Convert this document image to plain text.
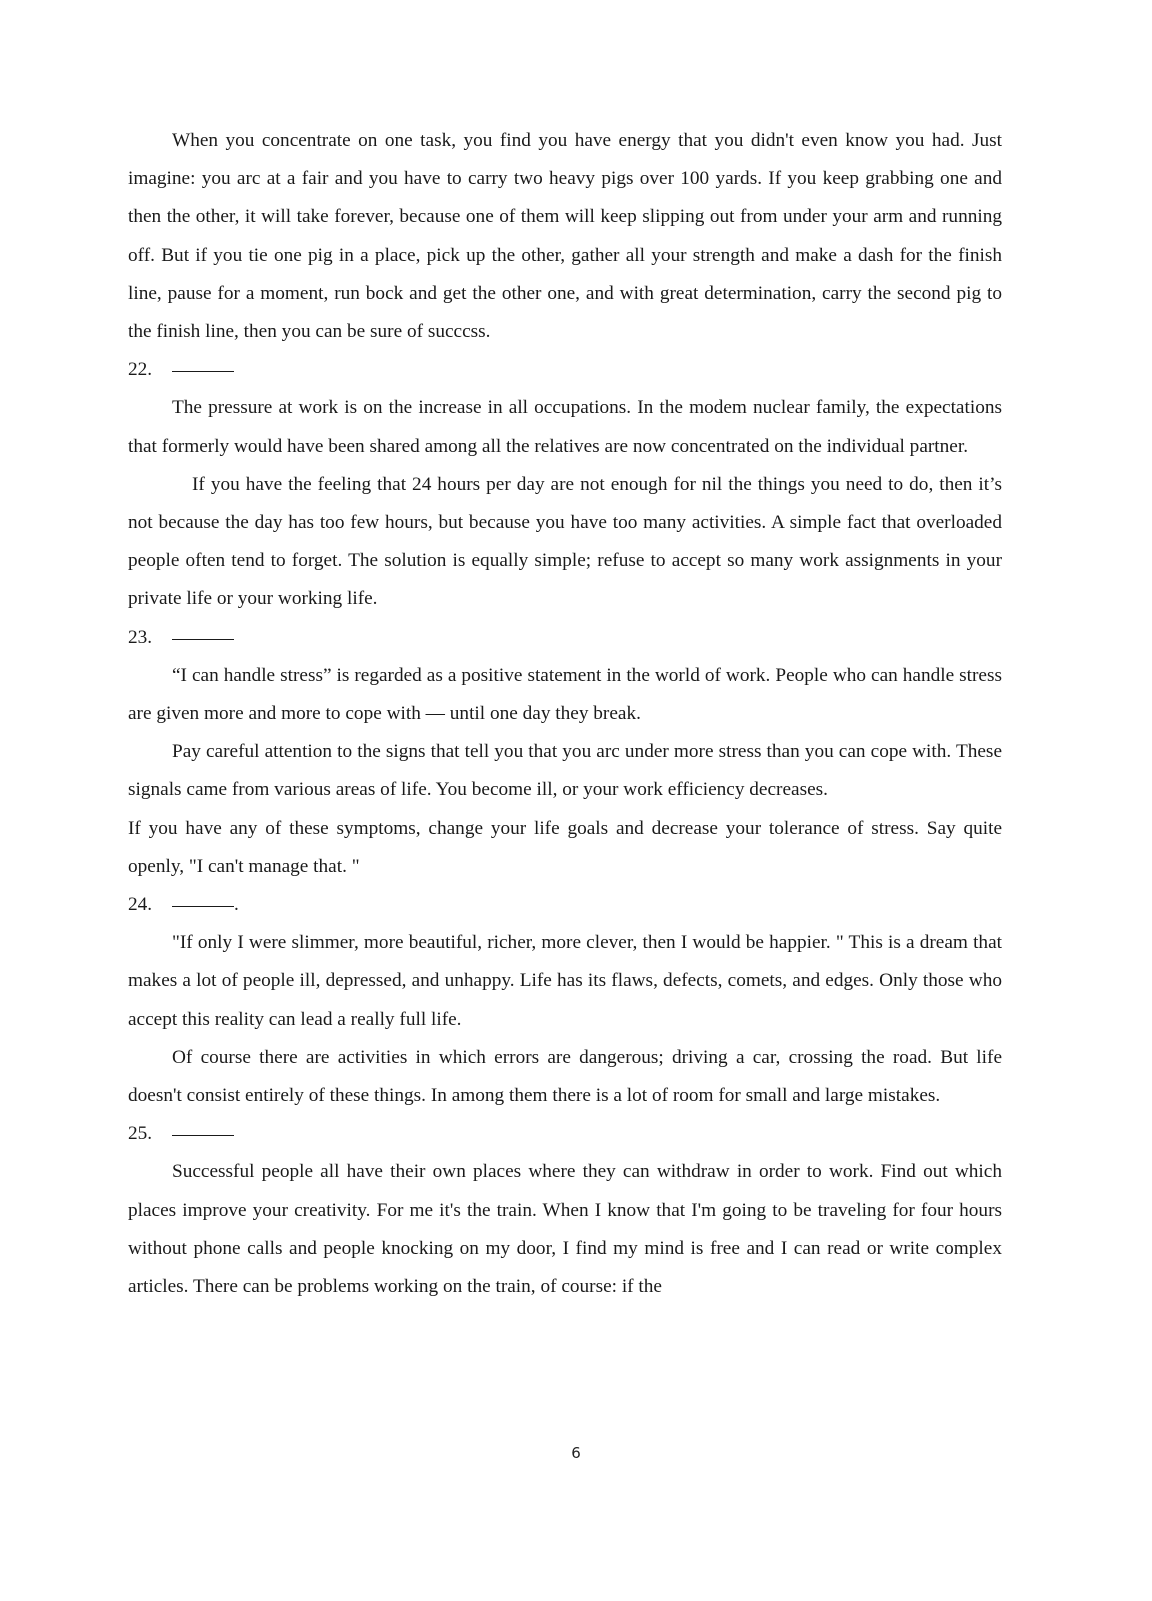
When you concentrate on one task, you find you have energy that you didn't even know you had. Just imagine: you arc at a fair and you have to carry two heavy pigs over 100 yards. If you keep grabbing one and then the other, it will take forever, because one of them will keep slipping out from under your arm and running off. But if you tie one pig in a place, pick up the other, gather all your strength and make a dash for the finish line, pause for a moment, run bock and get the other one, and with great determination, carry the second pig to the finish line, then you can be sure of succcss.

22.

The pressure at work is on the increase in all occupations. In the modem nuclear family, the expectations that formerly would have been shared among all the relatives are now concentrated on the individual partner.

If you have the feeling that 24 hours per day are not enough for nil the things you need to do, then it’s not because the day has too few hours, but because you have too many activities. A simple fact that overloaded people often tend to forget. The solution is equally simple; refuse to accept so many work assignments in your private life or your working life.

23.

“I can handle stress” is regarded as a positive statement in the world of work. People who can handle stress are given more and more to cope with — until one day they break.

Pay careful attention to the signs that tell you that you arc under more stress than you can cope with. These signals came from various areas of life. You become ill, or your work efficiency decreases.

If you have any of these symptoms, change your life goals and decrease your tolerance of stress. Say quite openly, "I can't manage that. "

24.	.

"If only I were slimmer, more beautiful, richer, more clever, then I would be happier. " This is a dream that makes a lot of people ill, depressed, and unhappy. Life has its flaws, defects, comets, and edges. Only those who accept this reality can lead a really full life.

Of course there are activities in which errors are dangerous; driving a car, crossing the road. But life doesn't consist entirely of these things. In among them there is a lot of room for small and large mistakes.

25.

Successful people all have their own places where they can withdraw in order to work. Find out which places improve your creativity. For me it's the train. When I know that I'm going to be traveling for four hours without phone calls and people knocking on my door, I find my mind is free and I can read or write complex articles. There can be problems working on the train, of course: if the

6
